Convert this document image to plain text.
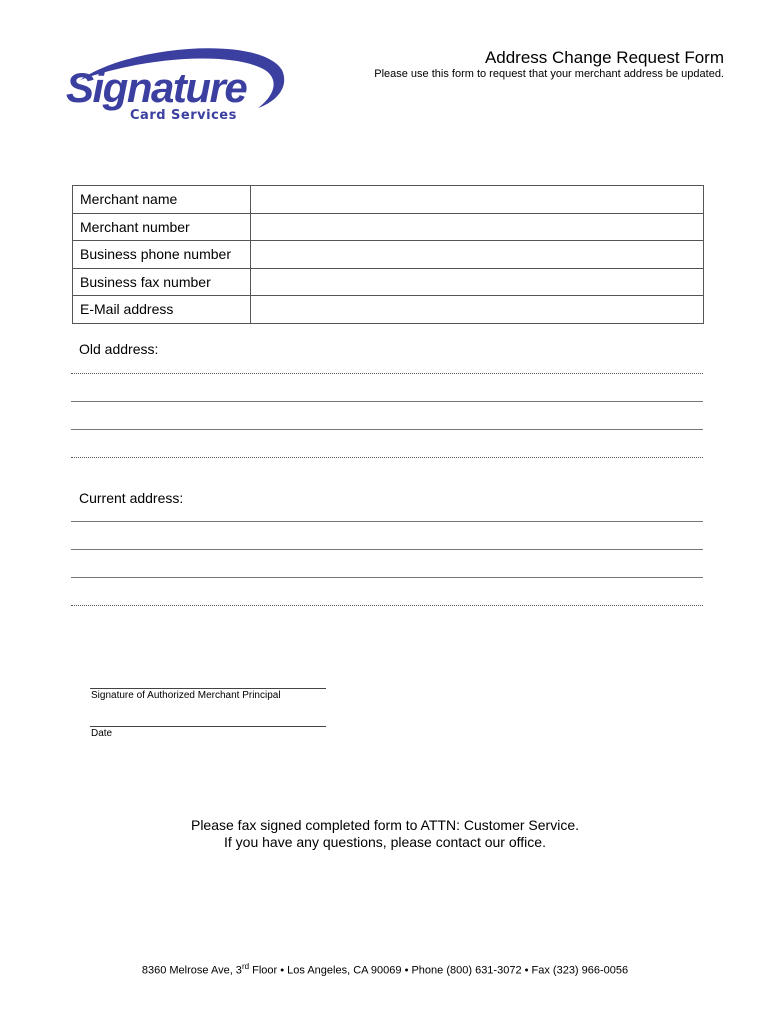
Signature
Card Services
Address Change Request Form
Please use this form to request that your merchant address be updated.
Merchant name	
Merchant number	
Business phone number	
Business fax number	
E-Mail address	
Old address:
Current address:
Signature of Authorized Merchant Principal
Date
Please fax signed completed form to ATTN: Customer Service.
If you have any questions, please contact our office.
8360 Melrose Ave, 3rd Floor • Los Angeles, CA 90069 • Phone (800) 631-3072 • Fax (323) 966-0056
